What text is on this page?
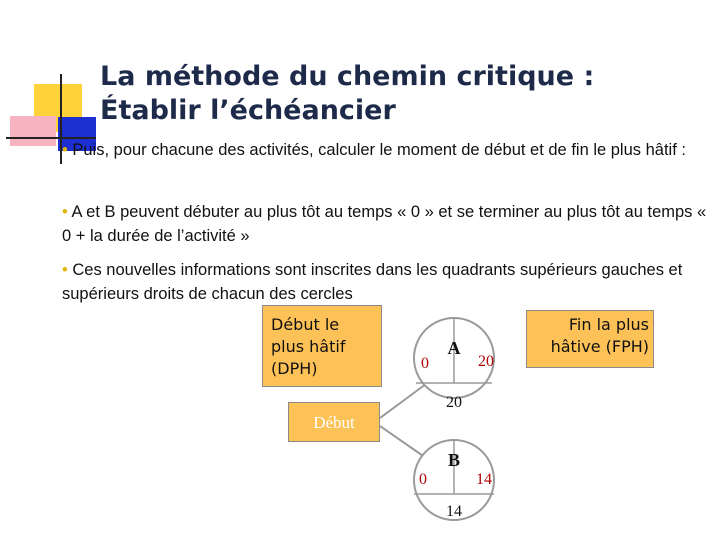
La méthode du chemin critique :
Établir l’échéancier

• Puis, pour chacune des activités, calculer le moment de début et de fin le plus hâtif :

• A et B peuvent débuter au plus tôt au temps « 0 » et se terminer au plus tôt au temps « 0 + la durée de l’activité »

• Ces nouvelles informations sont inscrites dans les quadrants supérieurs gauches et supérieurs droits de chacun des cercles

Début le
plus hâtif
(DPH)
Fin la plus
hâtive (FPH)
Début
A
0	20
20
B
0	14
14
